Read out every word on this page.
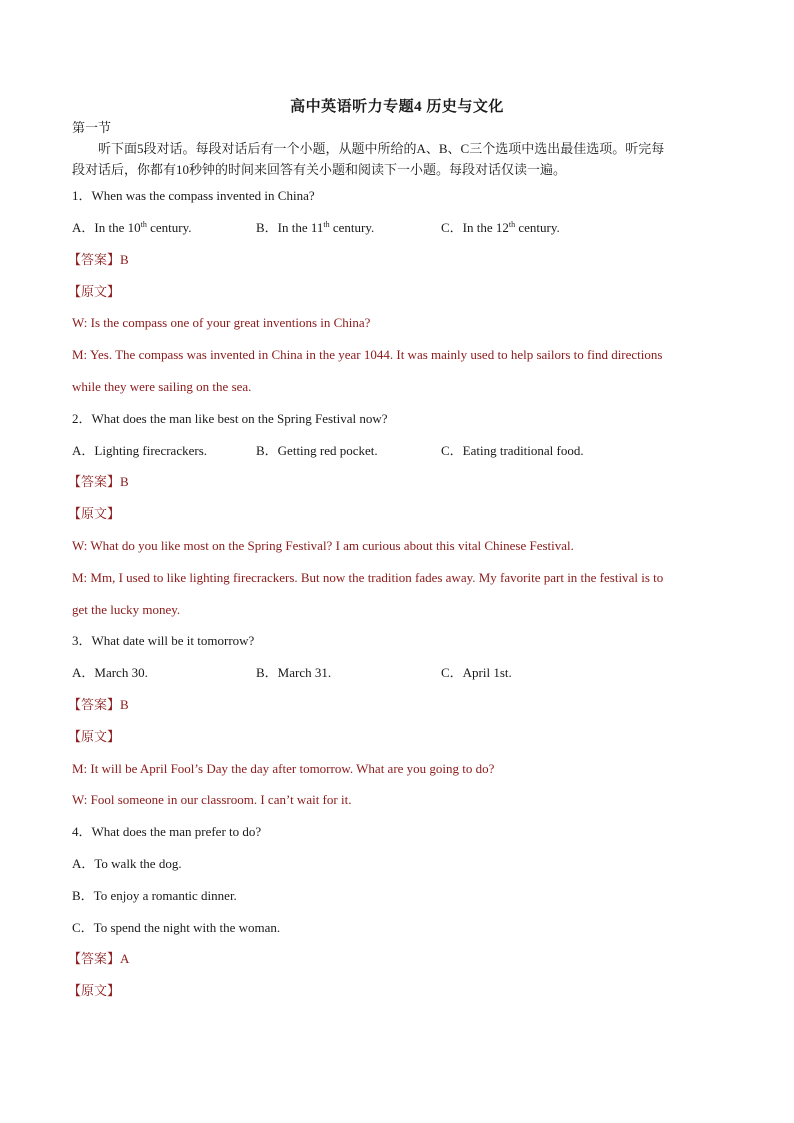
高中英语听力专题4 历史与文化
第一节
听下面5段对话。每段对话后有一个小题，从题中所给的A、B、C三个选项中选出最佳选项。听完每
段对话后，你都有10秒钟的时间来回答有关小题和阅读下一小题。每段对话仅读一遍。
1．When was the compass invented in China?
A．In the 10th century.	B．In the 11th century.	C．In the 12th century.
【答案】B
【原文】
W: Is the compass one of your great inventions in China?
M: Yes. The compass was invented in China in the year 1044. It was mainly used to help sailors to find directions
while they were sailing on the sea.
2．What does the man like best on the Spring Festival now?
A．Lighting firecrackers.	B．Getting red pocket.	C．Eating traditional food.
【答案】B
【原文】
W: What do you like most on the Spring Festival? I am curious about this vital Chinese Festival.
M: Mm, I used to like lighting firecrackers. But now the tradition fades away. My favorite part in the festival is to
get the lucky money.
3．What date will be it tomorrow?
A．March 30.	B．March 31.	C．April 1st.
【答案】B
【原文】
M: It will be April Fool’s Day the day after tomorrow. What are you going to do?
W: Fool someone in our classroom. I can’t wait for it.
4．What does the man prefer to do?
A．To walk the dog.
B．To enjoy a romantic dinner.
C．To spend the night with the woman.
【答案】A
【原文】
